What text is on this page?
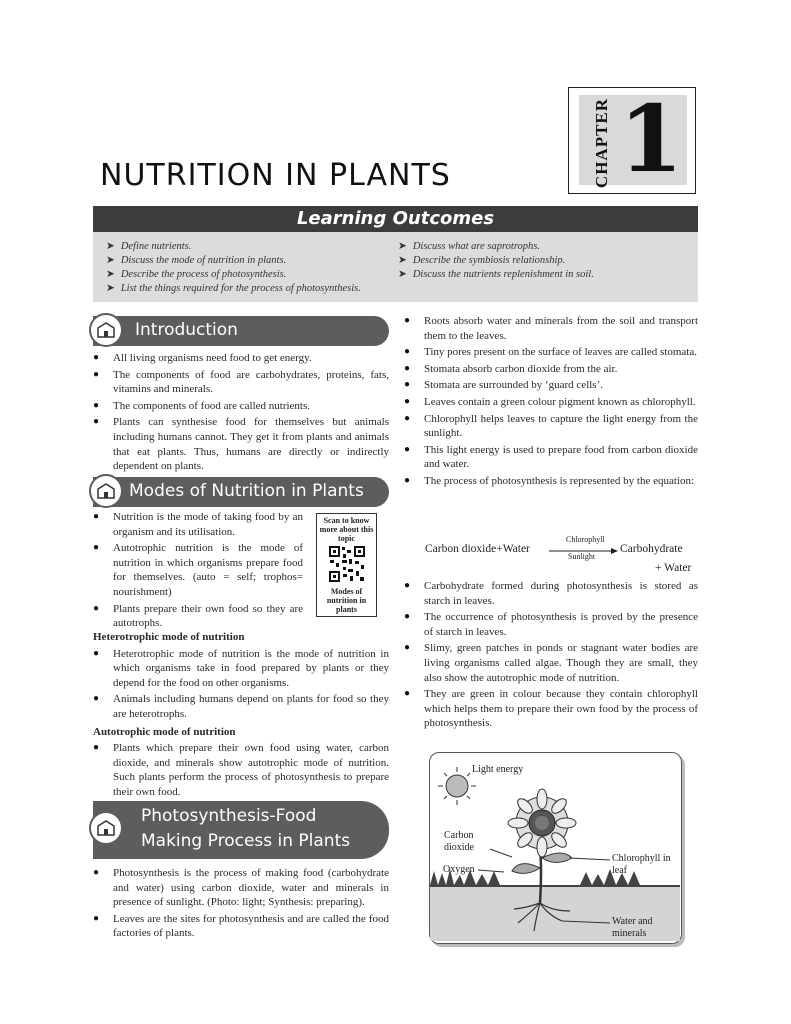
CHAPTER 1
NUTRITION IN PLANTS
Learning Outcomes
➤ Define nutrients.
➤ Discuss the mode of nutrition in plants.
➤ Describe the process of photosynthesis.
➤ List the things required for the process of photosynthesis.
➤ Discuss what are saprotrophs.
➤ Describe the symbiosis relationship.
➤ Discuss the nutrients replenishment in soil.
Introduction
● All living organisms need food to get energy.
● The components of food are carbohydrates, proteins, fats, vitamins and minerals.
● The components of food are called nutrients.
● Plants can synthesise food for themselves but animals including humans cannot. They get it from plants and animals that eat plants. Thus, humans are directly or indirectly dependent on plants.
Modes of Nutrition in Plants
● Nutrition is the mode of taking food by an organism and its utilisation.
● Autotrophic nutrition is the mode of nutrition in which organisms prepare food for themselves. (auto = self; trophos= nourishment)
● Plants prepare their own food so they are autotrophs.
Scan to know more about this topic
Modes of nutrition in plants
Heterotrophic mode of nutrition
● Heterotrophic mode of nutrition is the mode of nutrition in which organisms take in food prepared by plants or they depend for the food on other organisms.
● Animals including humans depend on plants for food so they are heterotrophs.
Autotrophic mode of nutrition
● Plants which prepare their own food using water, carbon dioxide, and minerals show autotrophic mode of nutrition. Such plants perform the process of photosynthesis to prepare their own food.
Photosynthesis-Food
Making Process in Plants
● Photosynthesis is the process of making food (carbohydrate and water) using carbon dioxide, water and minerals in presence of sunlight. (Photo: light; Synthesis: preparing).
● Leaves are the sites for photosynthesis and are called the food factories of plants.
● Roots absorb water and minerals from the soil and transport them to the leaves.
● Tiny pores present on the surface of leaves are called stomata.
● Stomata absorb carbon dioxide from the air.
● Stomata are surrounded by ‘guard cells’.
● Leaves contain a green colour pigment known as chlorophyll.
● Chlorophyll helps leaves to capture the light energy from the sunlight.
● This light energy is used to prepare food from carbon dioxide and water.
● The process of photosynthesis is represented by the equation:
Carbon dioxide+Water
Chlorophyll
Sunlight
Carbohydrate
+ Water
● Carbohydrate formed during photosynthesis is stored as starch in leaves.
● The occurrence of photosynthesis is proved by the presence of starch in leaves.
● Slimy, green patches in ponds or stagnant water bodies are living organisms called algae. Though they are small, they also show the autotrophic mode of nutrition.
● They are green in colour because they contain chlorophyll which helps them to prepare their own food by the process of photosynthesis.
Light energy
Carbon dioxide
Oxygen
Chlorophyll in leaf
Water and minerals
